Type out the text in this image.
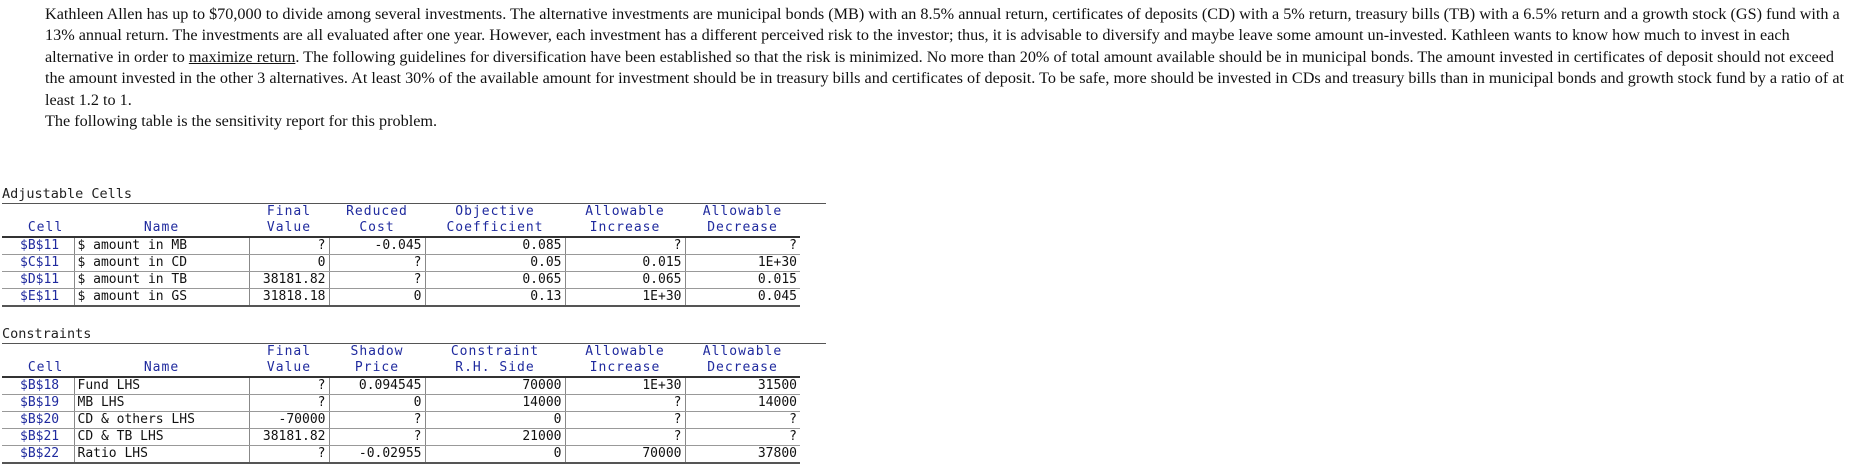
Kathleen Allen has up to $70,000 to divide among several investments. The alternative investments are municipal bonds (MB) with an 8.5% annual return, certificates of deposits (CD) with a 5% return, treasury bills (TB) with a 6.5% return and a growth stock (GS) fund with a 13% annual return. The investments are all evaluated after one year. However, each investment has a different perceived risk to the investor; thus, it is advisable to diversify and maybe leave some amount un-invested. Kathleen wants to know how much to invest in each alternative in order to maximize return. The following guidelines for diversification have been established so that the risk is minimized. No more than 20% of total amount available should be in municipal bonds. The amount invested in certificates of deposit should not exceed the amount invested in the other 3 alternatives. At least 30% of the available amount for investment should be in treasury bills and certificates of deposit. To be safe, more should be invested in CDs and treasury bills than in municipal bonds and growth stock fund by a ratio of at least 1.2 to 1.

The following table is the sensitivity report for this problem.

Adjustable Cells
			Final	Reduced	Objective	Allowable	Allowable
	Cell	Name	Value	Cost	Coefficient	Increase	Decrease
	$B$11	$ amount in MB	?	-0.045	0.085	?	?
	$C$11	$ amount in CD	0	?	0.05	0.015	1E+30
	$D$11	$ amount in TB	38181.82	?	0.065	0.065	0.015
	$E$11	$ amount in GS	31818.18	0	0.13	1E+30	0.045
Constraints
			Final	Shadow	Constraint	Allowable	Allowable
	Cell	Name	Value	Price	R.H. Side	Increase	Decrease
	$B$18	Fund LHS	?	0.094545	70000	1E+30	31500
	$B$19	MB LHS	?	0	14000	?	14000
	$B$20	CD & others LHS	-70000	?	0	?	?
	$B$21	CD & TB LHS	38181.82	?	21000	?	?
	$B$22	Ratio LHS	?	-0.02955	0	70000	37800
